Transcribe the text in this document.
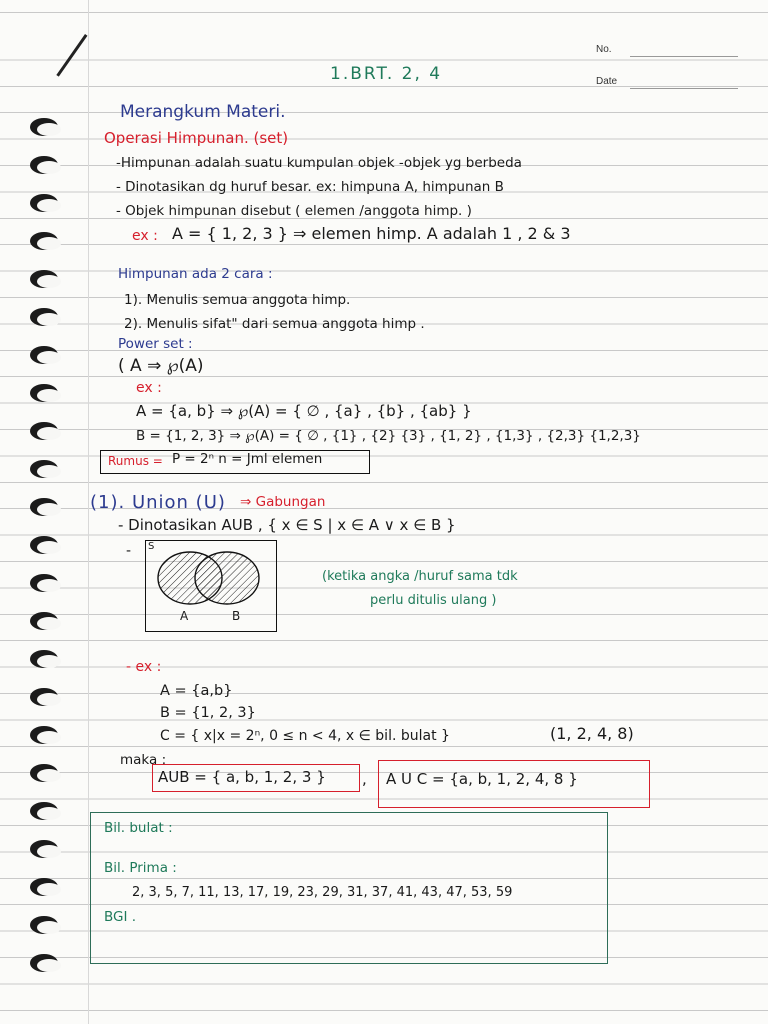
No.
Date
1.BRT. 2, 4
Merangkum Materi.
Operasi Himpunan. (set)
-Himpunan adalah suatu kumpulan objek -objek yg berbeda
- Dinotasikan dg huruf besar. ex: himpuna A, himpunan B
- Objek himpunan disebut ( elemen /anggota himp. )
ex : A = { 1, 2, 3 } ⇒ elemen himp. A adalah 1 , 2 & 3
Himpunan ada 2 cara :
1). Menulis semua anggota himp.
2). Menulis sifat" dari semua anggota himp .
Power set :
( A ⇒ ℘(A)
ex :
A = {a, b} ⇒ ℘(A) = { ∅ , {a} , {b} , {ab} }
B = {1, 2, 3} ⇒ ℘(A) = { ∅ , {1} , {2} {3} , {1, 2} , {1,3} , {2,3} {1,2,3}
Rumus = P = 2ⁿ n = Jml elemen
(1). Union (U) ⇒ Gabungan
- Dinotasikan AUB , { x ∈ S | x ∈ A ∨ x ∈ B }
- S
A	B
(ketika angka /huruf sama tdk
perlu ditulis ulang )
- ex :
A = {a,b}
B = {1, 2, 3}
C = { x|x = 2ⁿ, 0 ≤ n < 4, x ∈ bil. bulat }	(1, 2, 4, 8)
maka :
AUB = { a, b, 1, 2, 3 } , A U C = {a, b, 1, 2, 4, 8 }
Bil. bulat :
Bil. Prima :
2, 3, 5, 7, 11, 13, 17, 19, 23, 29, 31, 37, 41, 43, 47, 53, 59
BGI .
